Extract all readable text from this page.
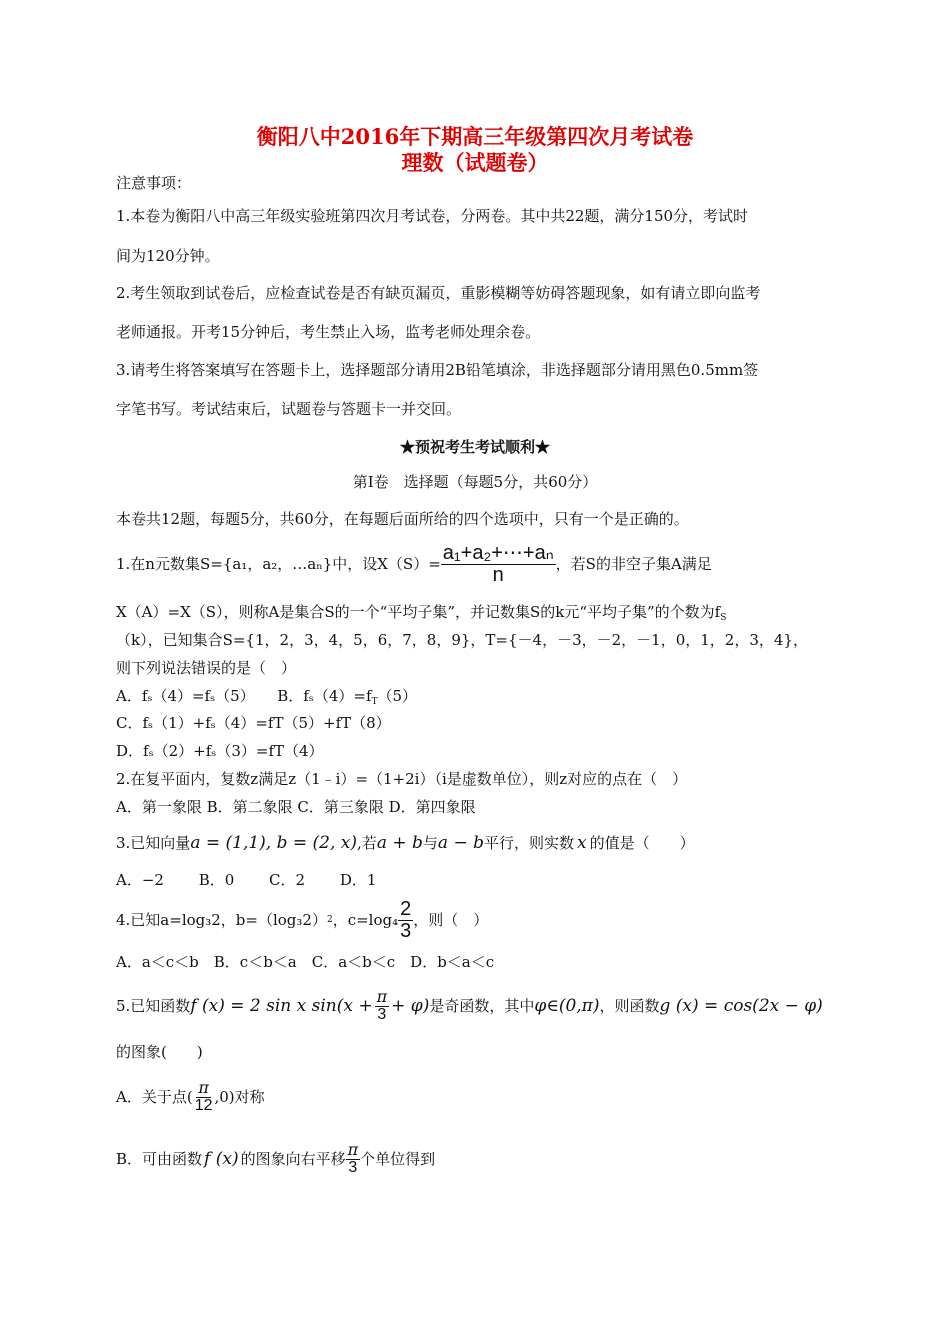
衡阳八中2016年下期高三年级第四次月考试卷
理数（试题卷）
注意事项：
1.本卷为衡阳八中高三年级实验班第四次月考试卷，分两卷。其中共22题，满分150分，考试时
间为120分钟。
2.考生领取到试卷后，应检查试卷是否有缺页漏页，重影模糊等妨碍答题现象，如有请立即向监考
老师通报。开考15分钟后，考生禁止入场，监考老师处理余卷。
3.请考生将答案填写在答题卡上，选择题部分请用2B铅笔填涂，非选择题部分请用黑色0.5mm签
字笔书写。考试结束后，试题卷与答题卡一并交回。
★预祝考生考试顺利★
第Ⅰ卷　选择题（每题5分，共60分）
本卷共12题，每题5分，共60分，在每题后面所给的四个选项中，只有一个是正确的。
1.在n元数集S={a₁，a₂，…aₙ}中，设$X(S)= \frac{\text{a₁+a₂+⋯+aₙ}}{n}$ ，若S的非空子集A满足
X（A）=X（S），则称A是集合S的一个“平均子集”，并记数集S的k元“平均子集”的个数为$f_S$
（k），已知集合S={1，2，3，4，5，6，7，8，9}，T={－4，－3，－2，－1，0，1，2，3，4}，
则下列说法错误的是（　）
A．fₛ（4）=fₛ（5）　　B．$f_s(4)=f_T(5)$
C．fₛ（1）+fₛ（4）=fT（5）+fT（8）
D．fₛ（2）+fₛ（3）=fT（4）
2.在复平面内，复数z满足z（1﹣i）=（1+2i）（i是虚数单位），则z对应的点在（　）
A．第一象限 B．第二象限 C．第三象限 D．第四象限
3.已知向量 a = (1,1), b = (2, x) ,若 a + b 与 a − b 平行，则实数 x 的值是（　　）
A．−2　　 B．0　　 C．2　　 D．1
4.已知a=log₃2，b=（log₃2） 2 ，$c=\log_4 \frac{2}{3}$ ，则（　）
A．a＜c＜b　B．c＜b＜a　C．a＜b＜c　D．b＜a＜c
5.已知函数 f (x) = 2 sin x $\sin(x + \frac{\pi}{3} + \varphi)$ 是奇函数，其中 φ∈(0,π) ，则函数 g (x) = cos(2x − φ)
的图象(　　)
A．关于点( $\frac{\pi}{12} ,0$)对称
B．可由函数 f (x) 的图象向右平移 $\frac{\pi}{3}$ 个单位得到
